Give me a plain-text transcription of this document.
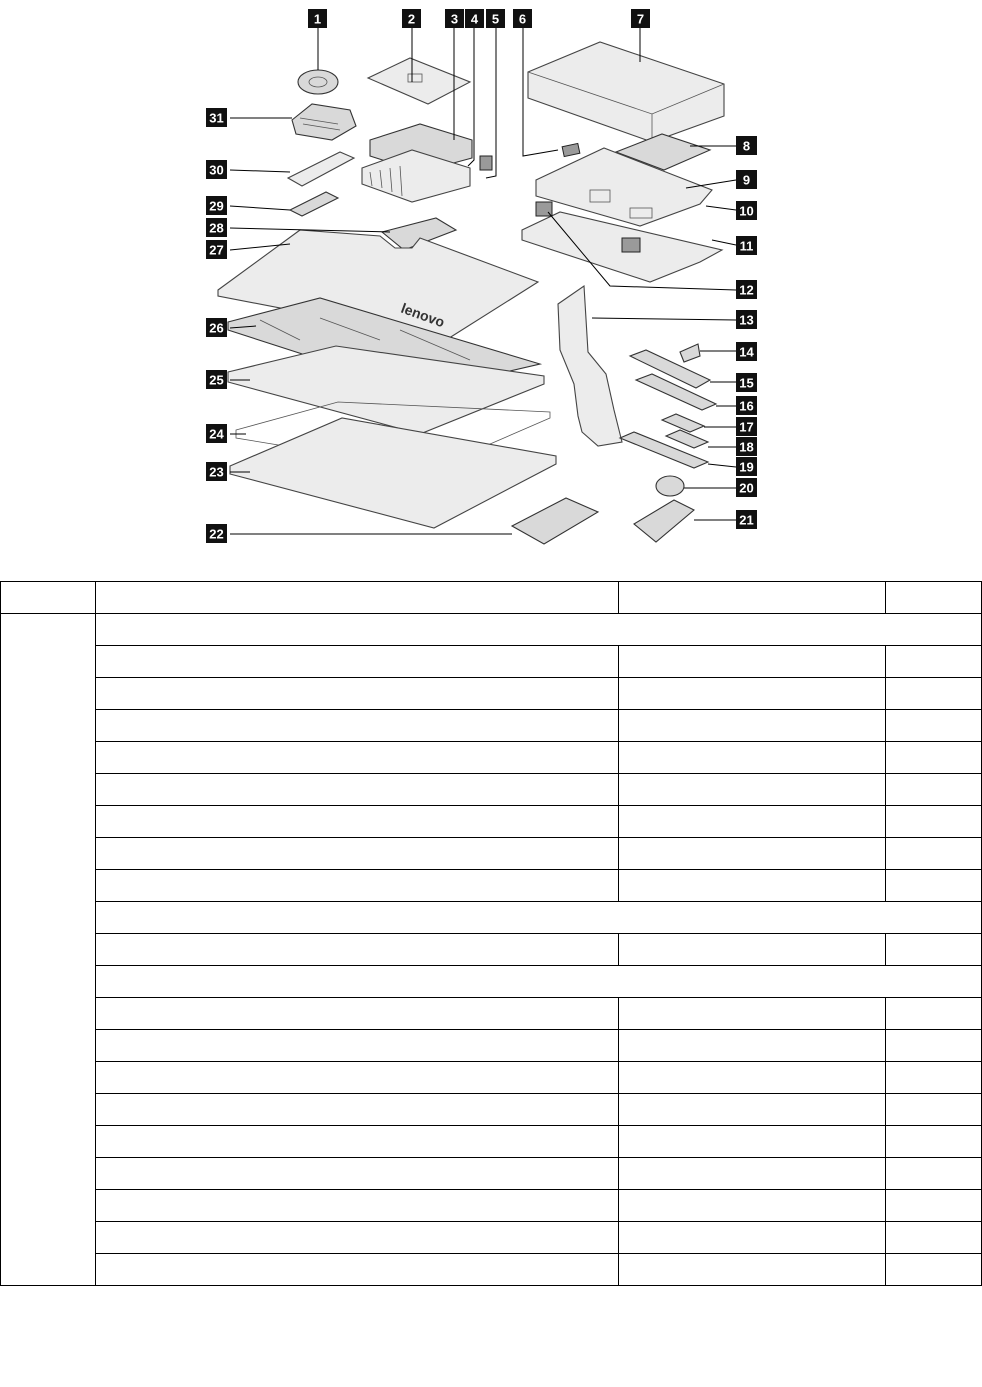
lenovo
1	2	3 4 5 6	7
8
9
10
11
12
13
14
15
16
17
18
19
20
21
22
23
24
25
26
27
28
29
30
31
